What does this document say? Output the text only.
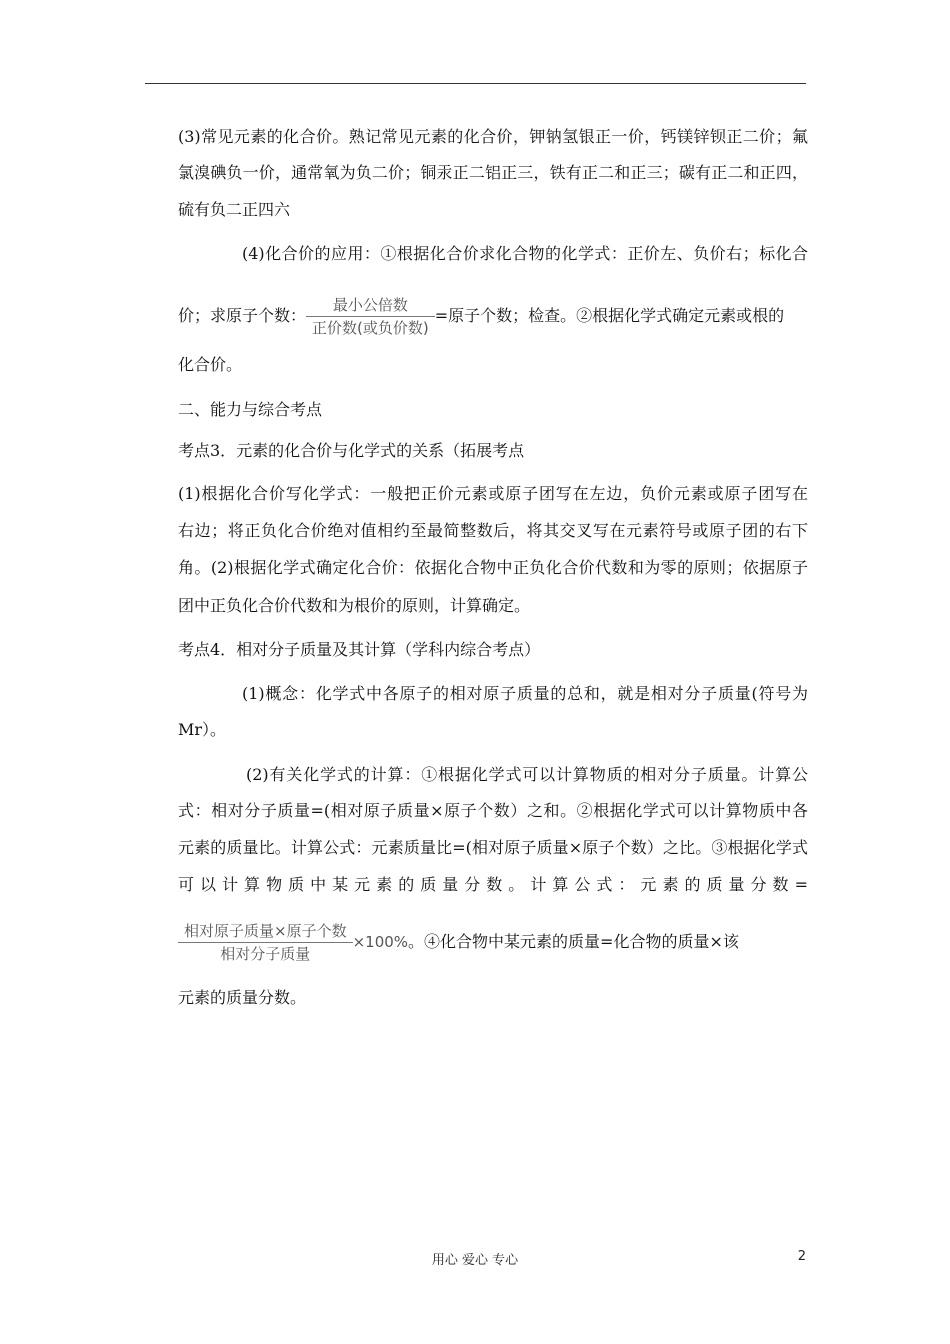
(3)常见元素的化合价。熟记常见元素的化合价，钾钠氢银正一价，钙镁锌钡正二价；氟
氯溴碘负一价，通常氧为负二价；铜汞正二铝正三，铁有正二和正三；碳有正二和正四，
硫有负二正四六
(4)化合价的应用：①根据化合价求化合物的化学式：正价左、负价右；标化合
价；求原子个数： $\frac{\text{最小公倍数}}{\text{正价数(或负价数)}}$ =原子个数；检查。②根据化学式确定元素或根的
化合价。
二、能力与综合考点
考点3．元素的化合价与化学式的关系（拓展考点
(1)根据化合价写化学式：一般把正价元素或原子团写在左边，负价元素或原子团写在
右边；将正负化合价绝对值相约至最简整数后，将其交叉写在元素符号或原子团的右下
角。(2)根据化学式确定化合价：依据化合物中正负化合价代数和为零的原则；依据原子
团中正负化合价代数和为根价的原则，计算确定。
考点4．相对分子质量及其计算（学科内综合考点）
(1)概念：化学式中各原子的相对原子质量的总和，就是相对分子质量(符号为
Mr）。
(2)有关化学式的计算：①根据化学式可以计算物质的相对分子质量。计算公
式：相对分子质量=(相对原子质量×原子个数）之和。②根据化学式可以计算物质中各
元素的质量比。计算公式：元素质量比=(相对原子质量×原子个数）之比。③根据化学式
可以计算物质中某元素的质量分数。计算公式：元素的质量分数=
$\frac{\text{相对原子质量×原子个数}}{\text{相对分子质量}} \times 100\%$。④化合物中某元素的质量=化合物的质量×该
元素的质量分数。
用心 爱心 专心	2
